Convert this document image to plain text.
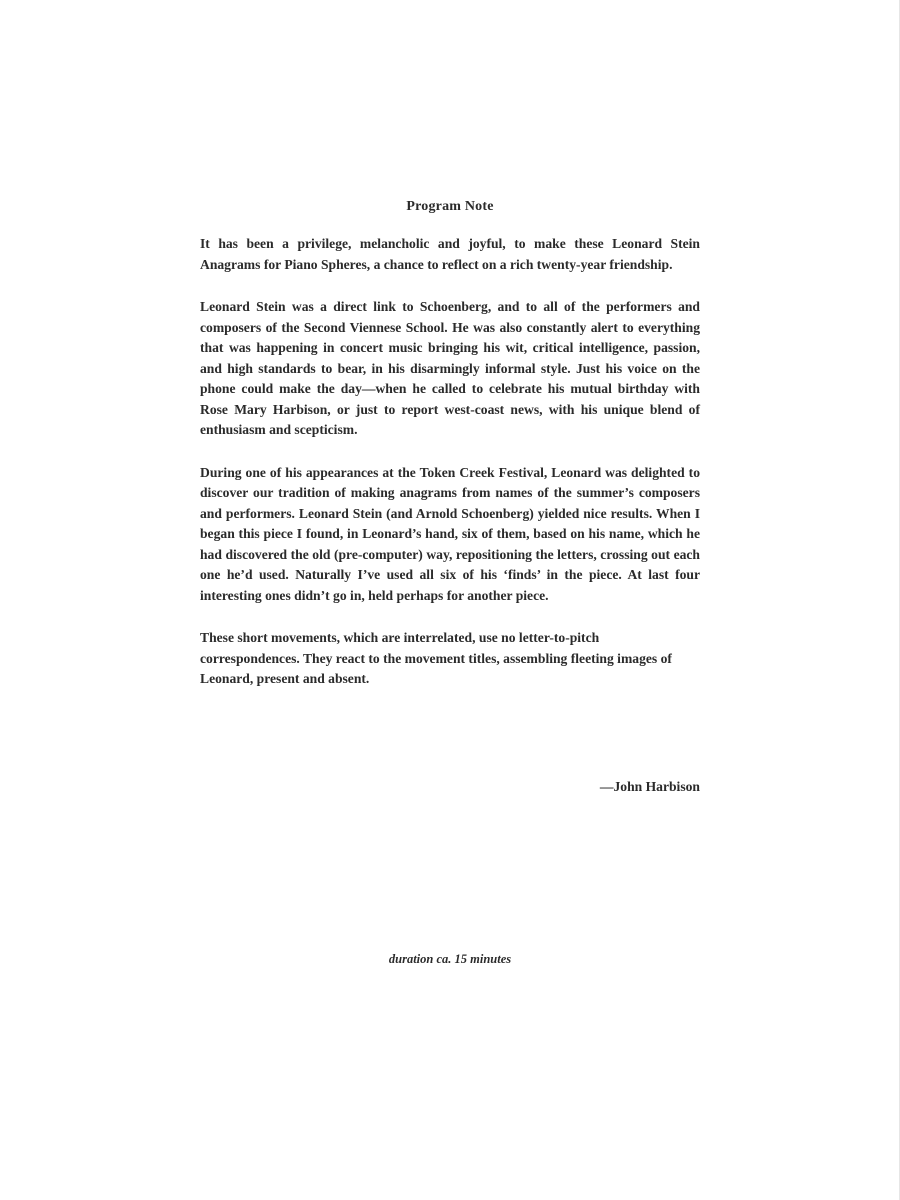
Program Note

It has been a privilege, melancholic and joyful, to make these Leonard Stein Anagrams for Piano Spheres, a chance to reflect on a rich twenty-year friendship.

Leonard Stein was a direct link to Schoenberg, and to all of the performers and composers of the Second Viennese School. He was also constantly alert to everything that was happening in concert music bringing his wit, critical intelligence, passion, and high standards to bear, in his disarmingly informal style. Just his voice on the phone could make the day—when he called to celebrate his mutual birthday with Rose Mary Harbison, or just to report west-coast news, with his unique blend of enthusiasm and scepticism.

During one of his appearances at the Token Creek Festival, Leonard was delighted to discover our tradition of making anagrams from names of the summer’s composers and performers. Leonard Stein (and Arnold Schoenberg) yielded nice results. When I began this piece I found, in Leonard’s hand, six of them, based on his name, which he had discovered the old (pre-computer) way, repositioning the letters, crossing out each one he’d used. Naturally I’ve used all six of his ‘finds’ in the piece. At last four interesting ones didn’t go in, held perhaps for another piece.

These short movements, which are interrelated, use no letter-to-pitch correspondences. They react to the movement titles, assembling fleeting images of Leonard, present and absent.

—John Harbison
duration ca. 15 minutes
